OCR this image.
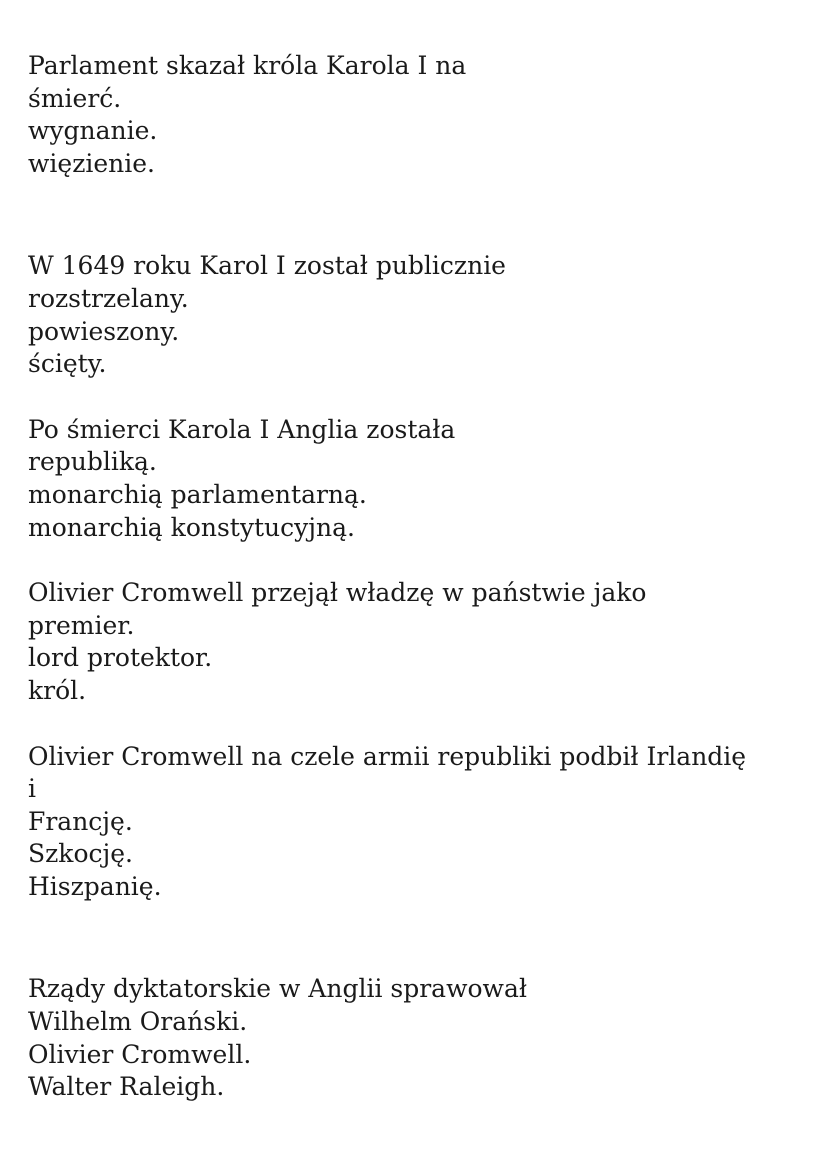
Parlament skazał króla Karola I na
śmierć.
wygnanie.
więzienie.
W 1649 roku Karol I został publicznie
rozstrzelany.
powieszony.
ścięty.
Po śmierci Karola I Anglia została
republiką.
monarchią parlamentarną.
monarchią konstytucyjną.
Olivier Cromwell przejął władzę w państwie jako
premier.
lord protektor.
król.
Olivier Cromwell na czele armii republiki podbił Irlandię
i
Francję.
Szkocję.
Hiszpanię.
Rządy dyktatorskie w Anglii sprawował
Wilhelm Orański.
Olivier Cromwell.
Walter Raleigh.
